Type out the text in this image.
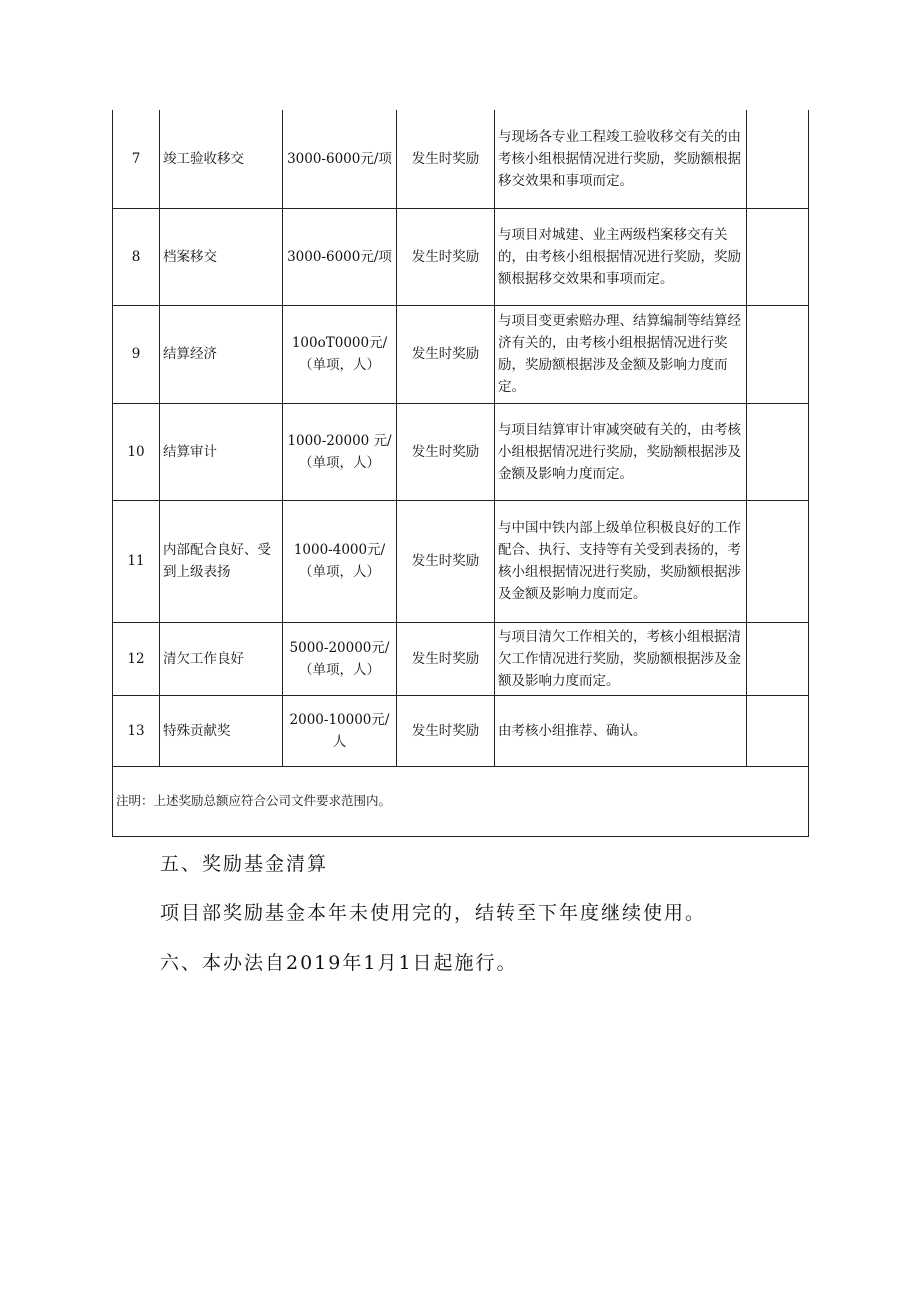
7	竣工验收移交	3000-6000元/项	发生时奖励	与现场各专业工程竣工验收移交有关的由考核小组根据情况进行奖励，奖励额根据移交效果和事项而定。	
8	档案移交	3000-6000元/项	发生时奖励	与项目对城建、业主两级档案移交有关的，由考核小组根据情况进行奖励，奖励额根据移交效果和事项而定。	
9	结算经济	100oT0000元/（单项，人）	发生时奖励	与项目变更索赔办理、结算编制等结算经济有关的，由考核小组根据情况进行奖励，奖励额根据涉及金额及影响力度而定。	
10	结算审计	1000-20000 元/（单项，人）	发生时奖励	与项目结算审计审减突破有关的，由考核小组根据情况进行奖励，奖励额根据涉及金额及影响力度而定。	
11	内部配合良好、受到上级表扬	1000-4000元/（单项，人）	发生时奖励	与中国中铁内部上级单位积极良好的工作配合、执行、支持等有关受到表扬的，考核小组根据情况进行奖励，奖励额根据涉及金额及影响力度而定。	
12	清欠工作良好	5000-20000元/（单项，人）	发生时奖励	与项目清欠工作相关的，考核小组根据清欠工作情况进行奖励，奖励额根据涉及金额及影响力度而定。	
13	特殊贡献奖	2000-10000元/人	发生时奖励	由考核小组推荐、确认。	
注明：上述奖励总额应符合公司文件要求范围内。					
五、奖励基金清算
项目部奖励基金本年未使用完的，结转至下年度继续使用。
六、本办法自2019年1月1日起施行。
